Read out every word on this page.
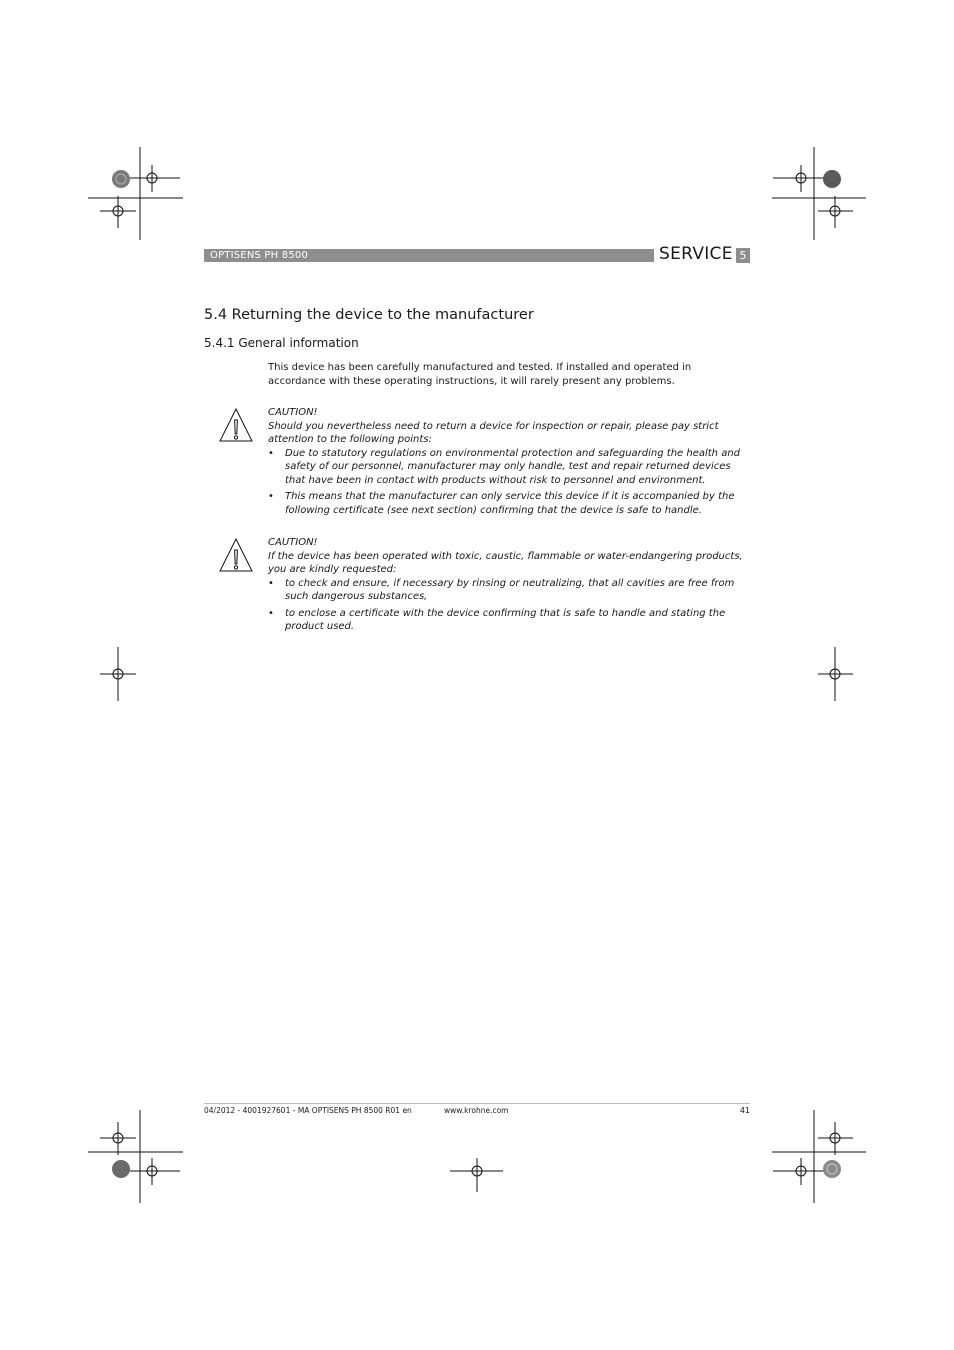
OPTISENS PH 8500	SERVICE 5
5.4 Returning the device to the manufacturer
5.4.1 General information
This device has been carefully manufactured and tested. If installed and operated in accordance with these operating instructions, it will rarely present any problems.

CAUTION!

Should you nevertheless need to return a device for inspection or repair, please pay strict attention to the following points:

• Due to statutory regulations on environmental protection and safeguarding the health and safety of our personnel, manufacturer may only handle, test and repair returned devices that have been in contact with products without risk to personnel and environment.
• This means that the manufacturer can only service this device if it is accompanied by the following certificate (see next section) confirming that the device is safe to handle.

CAUTION!

If the device has been operated with toxic, caustic, flammable or water-endangering products, you are kindly requested:

• to check and ensure, if necessary by rinsing or neutralizing, that all cavities are free from such dangerous substances,
• to enclose a certificate with the device confirming that is safe to handle and stating the product used.
04/2012 - 4001927601 - MA OPTISENS PH 8500 R01 en	www.krohne.com	41
